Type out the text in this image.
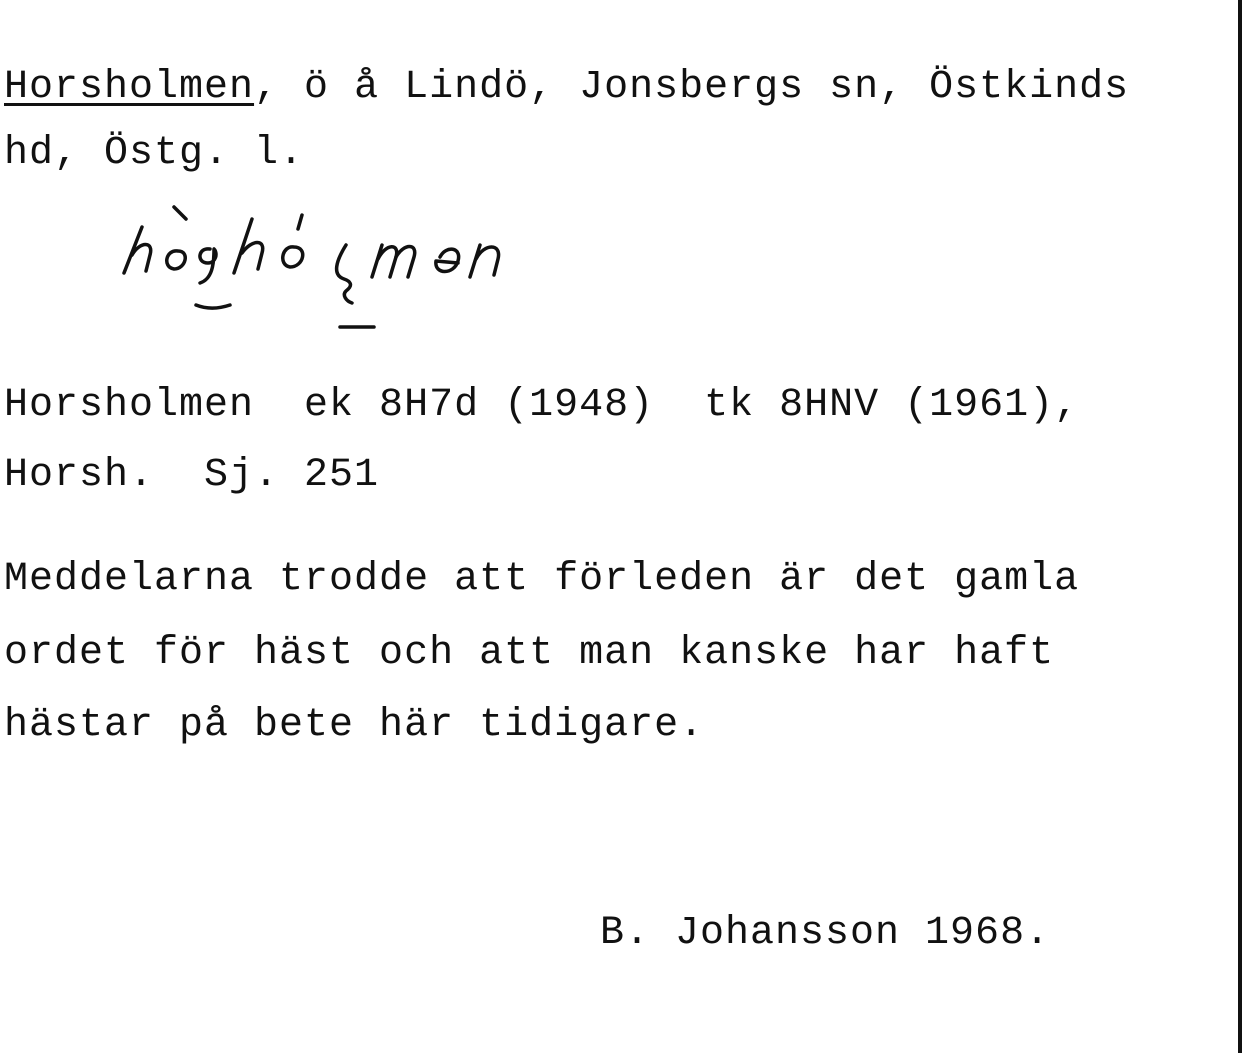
Horsholmen, ö å Lindö, Jonsbergs sn, Östkinds
hd, Östg. l.
Horsholmen  ek 8H7d (1948)  tk 8HNV (1961),
Horsh.  Sj. 251
Meddelarna trodde att förleden är det gamla
ordet för häst och att man kanske har haft
hästar på bete här tidigare.
B. Johansson 1968.
